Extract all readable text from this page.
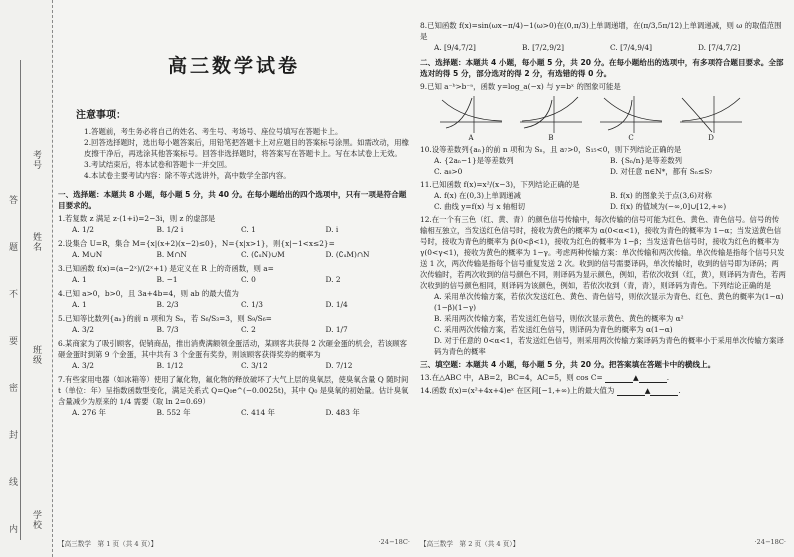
考号
姓名
班级
学校
答 题 不 要 密 封 线 内
高三数学试卷
注意事项：

1.答题前，考生务必将自己的姓名、考生号、考场号、座位号填写在答题卡上。

2.回答选择题时，选出每小题答案后，用铅笔把答题卡上对应题目的答案标号涂黑。如需改动，用橡皮擦干净后，再选涂其他答案标号。回答非选择题时，将答案写在答题卡上。写在本试卷上无效。

3.考试结束后，将本试卷和答题卡一并交回。

4.本试卷主要考试内容：除不等式选讲外，高中数学全部内容。

一、选择题：本题共 8 小题，每小题 5 分，共 40 分。在每小题给出的四个选项中，只有一项是符合题目要求的。
1.若复数 z 满足 z·(1+i)=2−3i，则 z 的虚部是
A. 1/2	B. 1/2 i	C. 1	D. i
2.设集合 U=R，集合 M={x|(x+2)(x−2)≤0}，N={x|x>1}，则{x|−1<x≤2}=
A. M∪N	B. M∩N	C. (∁ᵤN)∪M	D. (∁ᵤM)∩N
3.已知函数 f(x)=(a−2ˣ)/(2ˣ+1) 是定义在 R 上的奇函数，则 a=
A. 1	B. −1	C. 0	D. 2
4.已知 a>0，b>0，且 3a+4b=4，则 ab 的最大值为
A. 1	B. 2/3	C. 1/3	D. 1/4
5.已知等比数列{aₙ}的前 n 项和为 Sₙ，若 S₆/S₃=3，则 S₉/S₆=
A. 3/2	B. 7/3	C. 2	D. 1/7
6.某商家为了吸引顾客，促销商品，推出消费满额领金蛋活动，某顾客共获得 2 次砸金蛋的机会，若该顾客砸金蛋时到第 9 个金蛋，其中共有 3 个金蛋有奖券，则该顾客获得奖券的概率为
A. 3/2	B. 1/12	C. 3/12	D. 7/12
7.有些家用电器（如冰箱等）使用了氟化物，氟化物的释放破坏了大气上层的臭氧层，使臭氧含量 Q 随时间 t（单位：年）呈指数函数型变化，满足关系式 Q=Q₀e^(−0.0025t)，其中 Q₀ 是臭氧的初始量。估计臭氧含量减少为原来的 1/4 需要（取 ln 2=0.69）
A. 276 年	B. 552 年	C. 414 年	D. 483 年
【高三数学　第 1 页（共 4 页）】	·24−18C·
8.已知函数 f(x)=sin(ωx−π/4)−1(ω>0)在(0,π/3)上单调递增，在(π/3,5π/12)上单调递减，则 ω 的取值范围是
A. [9/4,7/2]	B. [7/2,9/2]	C. [7/4,9/4]	D. [7/4,7/2]
二、选择题：本题共 4 小题，每小题 5 分，共 20 分。在每小题给出的选项中，有多项符合题目要求。全部选对的得 5 分，部分选对的得 2 分，有选错的得 0 分。
9.已知 a⁻ᵇ>b⁻ᵃ，函数 y=log_a(−x) 与 y=bˣ 的图象可能是
A	B	C	D
10.设等差数列{aₙ}的前 n 项和为 Sₙ，且 a₇>0，S₁₅<0，则下列结论正确的是
A. {2aₙ−1}是等差数列	B. {Sₙ/n}是等差数列
C. a₈>0	D. 对任意 n∈N*，都有 Sₙ≤S₇
11.已知函数 f(x)=x²/(x−3)，下列结论正确的是
A. f(x) 在(0,3)上单调递减	B. f(x) 的图象关于点(3,6)对称
C. 曲线 y=f(x) 与 x 轴相切	D. f(x) 的值域为(−∞,0]∪[12,+∞)
12.在一个有三色（红、黄、青）的颜色信号传输中，每次传输的信号可能为红色、黄色、青色信号。信号的传输相互独立，当发送红色信号时，接收为黄色的概率为 α(0<α<1)，接收为青色的概率为 1−α；当发送黄色信号时，接收为青色的概率为 β(0<β<1)，接收为红色的概率为 1−β；当发送青色信号时，接收为红色的概率为 γ(0<γ<1)，接收为黄色的概率为 1−γ。考虑两种传输方案：单次传输和两次传输。单次传输是指每个信号只发送 1 次，两次传输是指每个信号重复发送 2 次。收到的信号需要译码，单次传输时，收到的信号即为译码；两次传输时，若两次收到的信号颜色不同，则译码为显示颜色，例如，若依次收到（红，黄），则译码为青色，若两次收到的信号颜色相同，则译码为该颜色，例如，若依次收到（青，青），则译码为青色。下列结论正确的是
A. 采用单次传输方案，若依次发送红色、黄色、青色信号，则依次显示为青色、红色、黄色的概率为(1−α)(1−β)(1−γ)
B. 采用两次传输方案，若发送红色信号，则依次显示黄色、黄色的概率为 α²
C. 采用两次传输方案，若发送红色信号，则译码为青色的概率为 α(1−α)
D. 对于任意的 0<α<1，若发送红色信号，则采用两次传输方案译码为青色的概率小于采用单次传输方案译码为青色的概率
三、填空题：本题共 4 小题，每小题 5 分，共 20 分。把答案填在答题卡中的横线上。
13.在△ABC 中，AB=2，BC=4，AC=5，则 cos C=	▲	.
14.函数 f(x)=(x²+4x+4)eˣ 在区间[−1,+∞)上的最大值为	▲	.
【高三数学　第 2 页（共 4 页）】	·24−18C·
